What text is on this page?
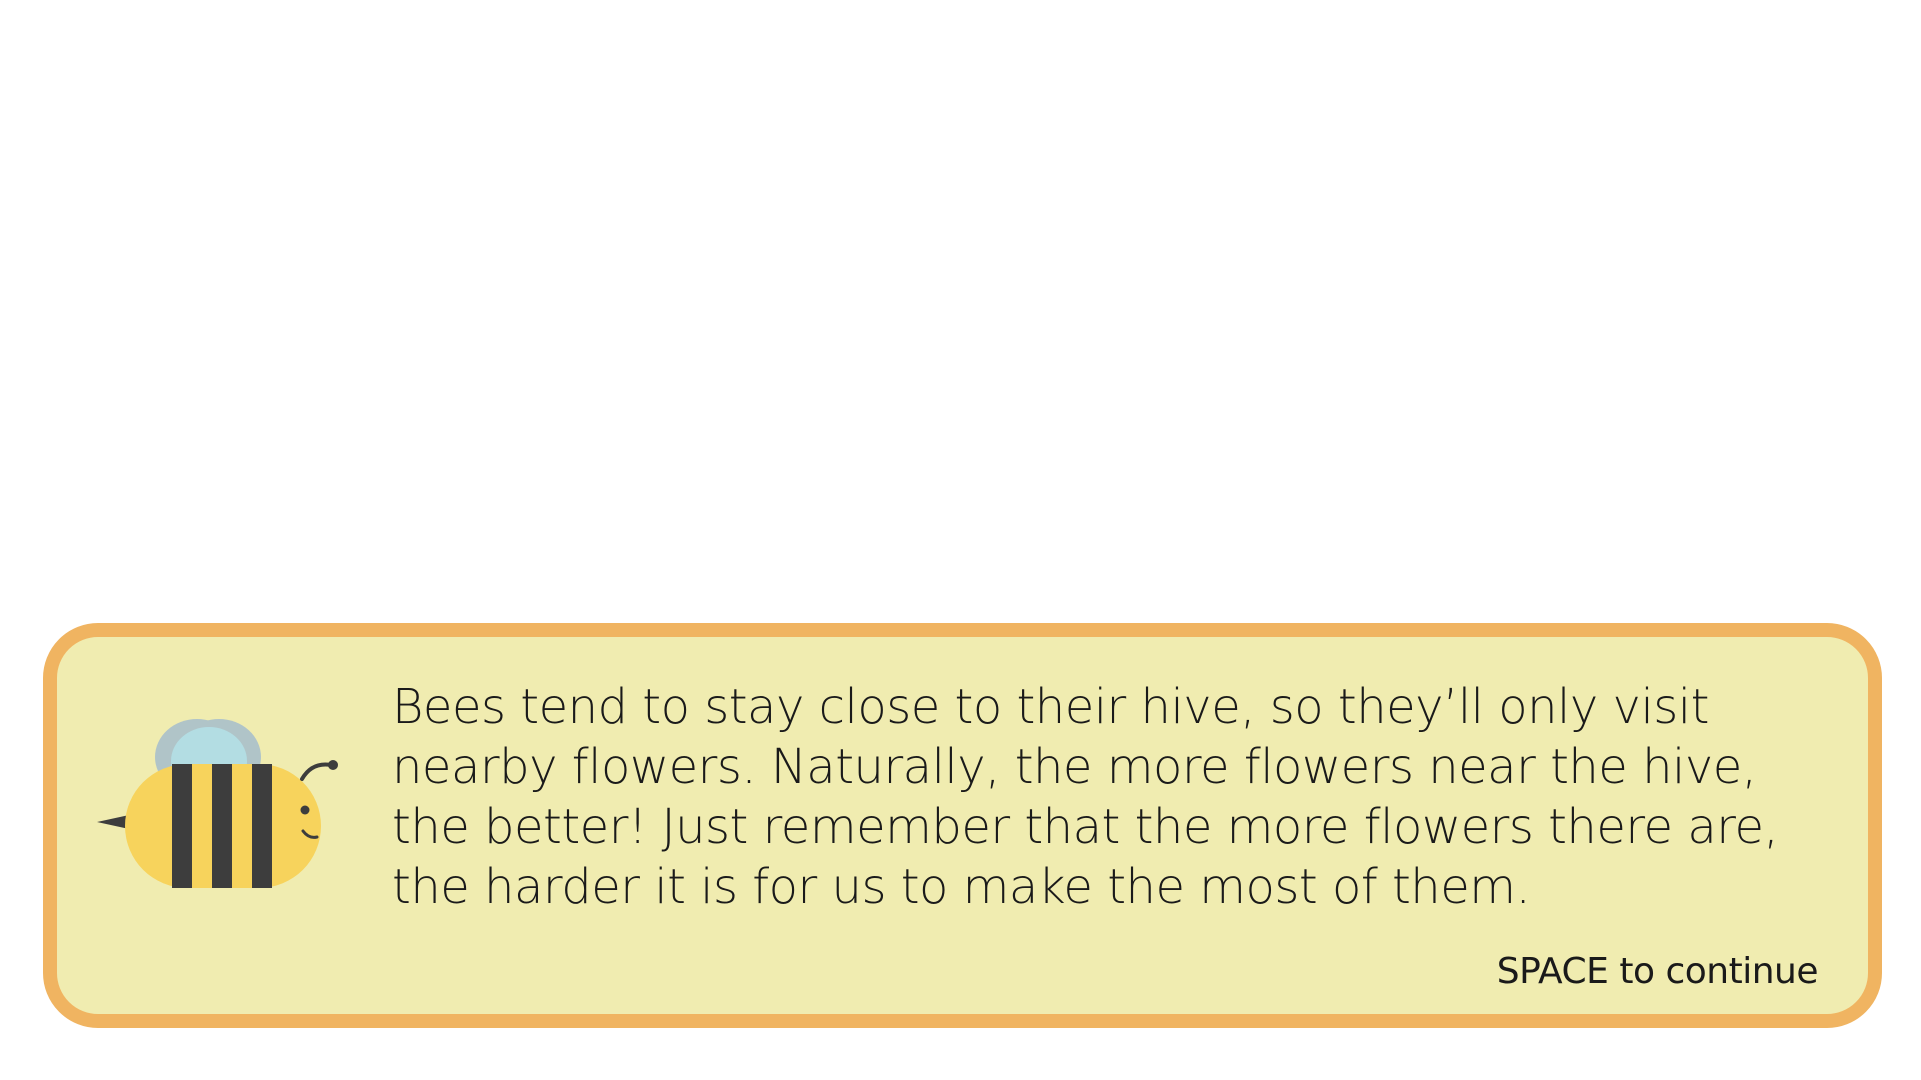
Bees tend to stay close to their hive, so they’ll only visit nearby flowers. Naturally, the more flowers near the hive, the better! Just remember that the more flowers there are, the harder it is for us to make the most of them.

SPACE to continue
